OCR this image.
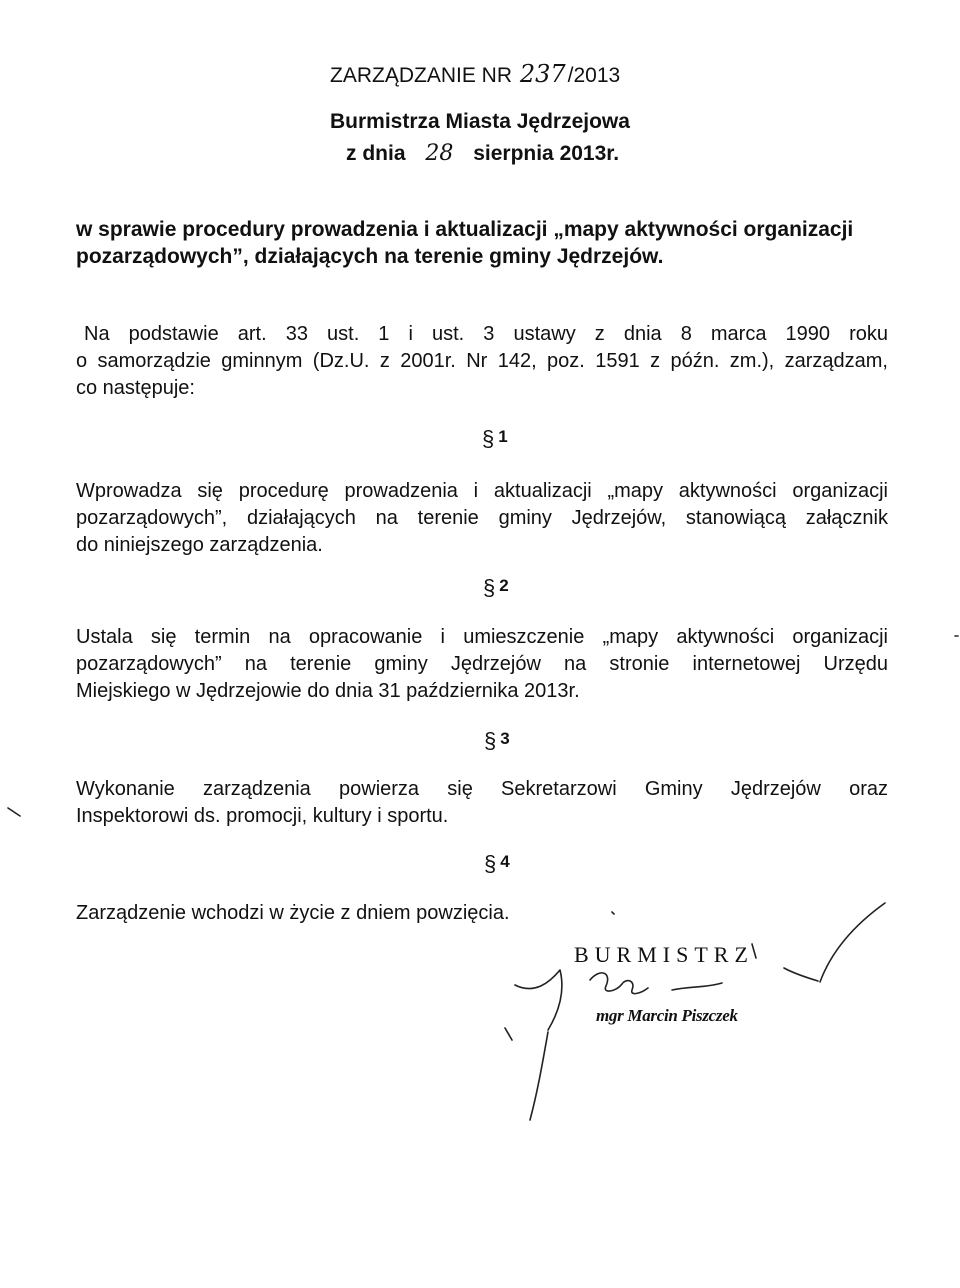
ZARZĄDZANIE NR 237/2013
Burmistrza Miasta Jędrzejowa
z dnia 28 sierpnia 2013r.
w sprawie procedury prowadzenia i aktualizacji „mapy aktywności organizacji
pozarządowych”, działających na terenie gminy Jędrzejów.
Na podstawie art. 33 ust. 1 i ust. 3 ustawy z dnia 8 marca 1990 roku
o samorządzie gminnym (Dz.U. z 2001r. Nr 142, poz. 1591 z późn. zm.), zarządzam,
co następuje:
§ $^1$
Wprowadza się procedurę prowadzenia i aktualizacji „mapy aktywności organizacji
pozarządowych”, działających na terenie gminy Jędrzejów, stanowiącą załącznik
do niniejszego zarządzenia.
§ $^2$
Ustala się termin na opracowanie i umieszczenie „mapy aktywności organizacji
pozarządowych” na terenie gminy Jędrzejów na stronie internetowej Urzędu
Miejskiego w Jędrzejowie do dnia 31 października 2013r.
§ $^3$
Wykonanie zarządzenia powierza się Sekretarzowi Gminy Jędrzejów oraz
Inspektorowi ds. promocji, kultury i sportu.
§ $^4$
Zarządzenie wchodzi w życie z dniem powzięcia.
BURMISTRZ
mgr Marcin Piszczek
